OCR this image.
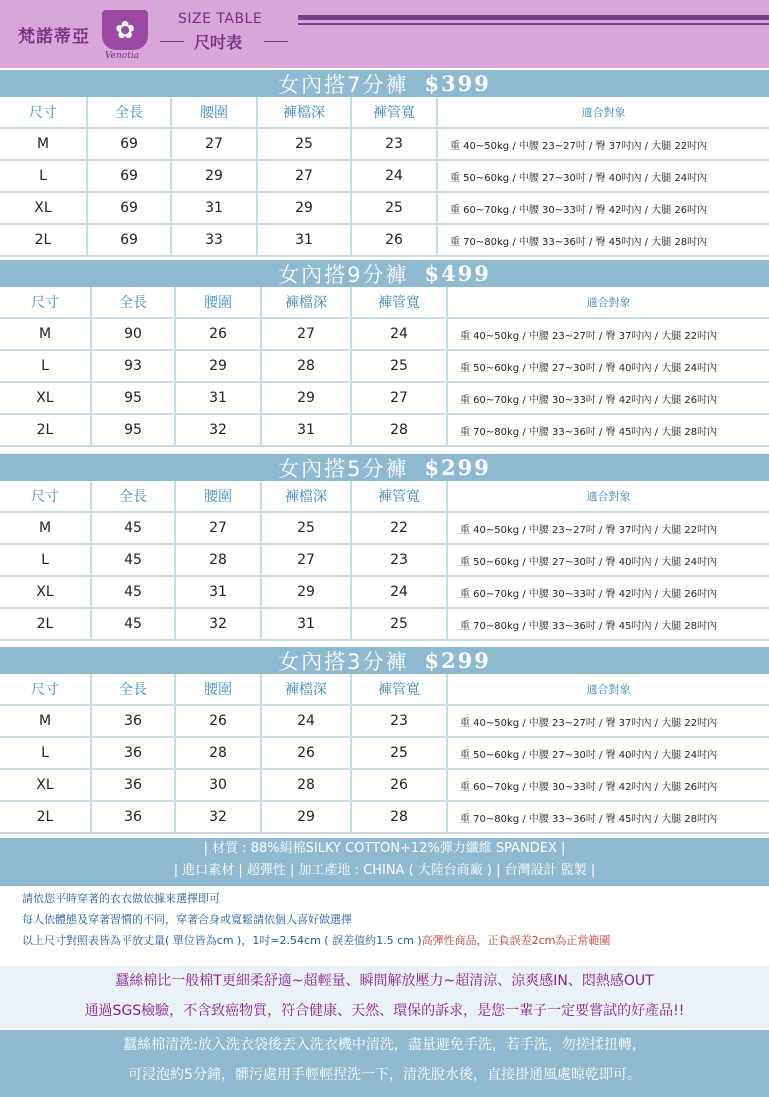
梵諾蒂亞	✿
Venotia
SIZE TABLE
尺吋表
女內搭7分褲 $399
尺寸	全長	腰圍	褲檔深	褲管寬	適合對象
M	69	27	25	23	重 40~50kg / 中腰 23~27吋 / 臀 37吋內 / 大腿 22吋內
L	69	29	27	24	重 50~60kg / 中腰 27~30吋 / 臀 40吋內 / 大腿 24吋內
XL	69	31	29	25	重 60~70kg / 中腰 30~33吋 / 臀 42吋內 / 大腿 26吋內
2L	69	33	31	26	重 70~80kg / 中腰 33~36吋 / 臀 45吋內 / 大腿 28吋內
女內搭9分褲 $499
尺寸	全長	腰圍	褲檔深	褲管寬	適合對象
M	90	26	27	24	重 40~50kg / 中腰 23~27吋 / 臀 37吋內 / 大腿 22吋內
L	93	29	28	25	重 50~60kg / 中腰 27~30吋 / 臀 40吋內 / 大腿 24吋內
XL	95	31	29	27	重 60~70kg / 中腰 30~33吋 / 臀 42吋內 / 大腿 26吋內
2L	95	32	31	28	重 70~80kg / 中腰 33~36吋 / 臀 45吋內 / 大腿 28吋內
女內搭5分褲 $299
尺寸	全長	腰圍	褲檔深	褲管寬	適合對象
M	45	27	25	22	重 40~50kg / 中腰 23~27吋 / 臀 37吋內 / 大腿 22吋內
L	45	28	27	23	重 50~60kg / 中腰 27~30吋 / 臀 40吋內 / 大腿 24吋內
XL	45	31	29	24	重 60~70kg / 中腰 30~33吋 / 臀 42吋內 / 大腿 26吋內
2L	45	32	31	25	重 70~80kg / 中腰 33~36吋 / 臀 45吋內 / 大腿 28吋內
女內搭3分褲 $299
尺寸	全長	腰圍	褲檔深	褲管寬	適合對象
M	36	26	24	23	重 40~50kg / 中腰 23~27吋 / 臀 37吋內 / 大腿 22吋內
L	36	28	26	25	重 50~60kg / 中腰 27~30吋 / 臀 40吋內 / 大腿 24吋內
XL	36	30	28	26	重 60~70kg / 中腰 30~33吋 / 臀 42吋內 / 大腿 26吋內
2L	36	32	29	28	重 70~80kg / 中腰 33~36吋 / 臀 45吋內 / 大腿 28吋內
| 材質 : 88%絹棉SILKY COTTON+12%彈力纖維 SPANDEX |
| 進口素材 | 超彈性 | 加工產地 : CHINA ( 大陸台商廠 ) | 台灣設計 監製 |

請依您平時穿著的衣衣做依據來選擇即可

每人依體態及穿著習慣的不同，穿著合身或寬鬆請依個人喜好做選擇

以上尺寸對照表皆為平放丈量( 單位皆為cm )，1吋=2.54cm ( 誤差值約1.5 cm )高彈性商品，正負誤差2cm為正常範圍

蠶絲棉比一般棉T更細柔舒適~超輕量、瞬間解放壓力~超清涼、涼爽感IN、悶熱感OUT

通過SGS檢驗，不含致癌物質，符合健康、天然、環保的訴求，是您一輩子一定要嘗試的好產品!!

蠶絲棉清洗:放入洗衣袋後丟入洗衣機中清洗，盡量避免手洗，若手洗，勿搓揉扭轉，

可浸泡約5分鐘，髒污處用手輕輕捏洗一下，清洗脫水後，直接掛通風處晾乾即可。
